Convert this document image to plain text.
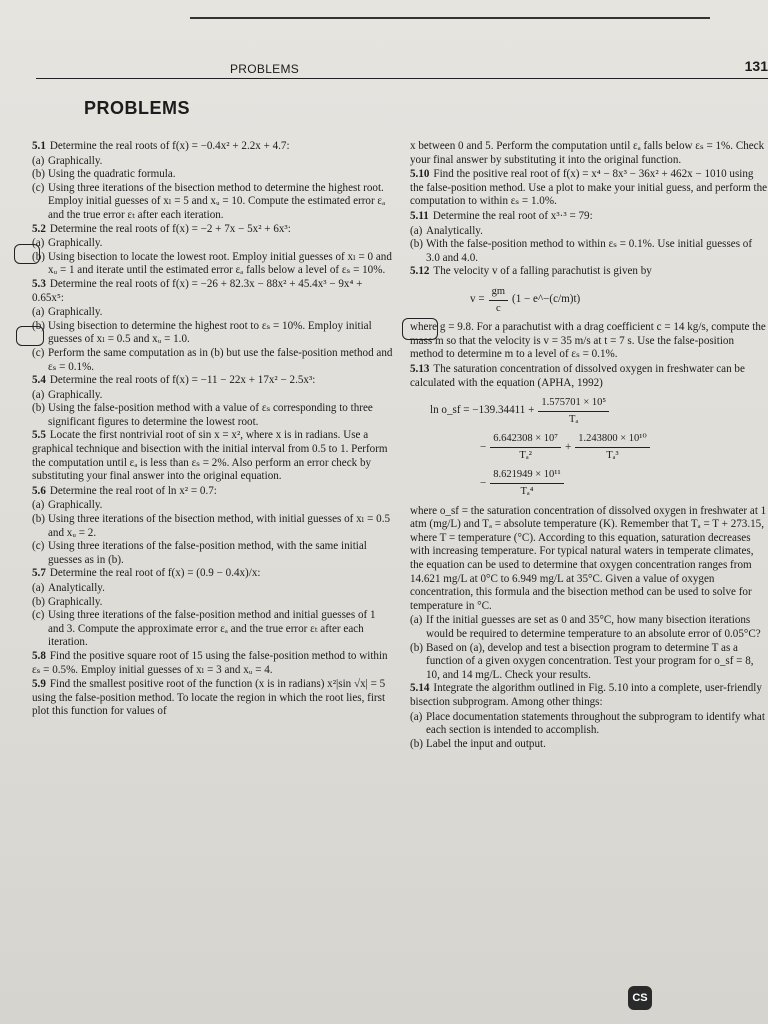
PROBLEMS	131
PROBLEMS

5.1 Determine the real roots of f(x) = −0.4x² + 2.2x + 4.7:

(a) Graphically.

(b) Using the quadratic formula.

(c) Using three iterations of the bisection method to determine the highest root. Employ initial guesses of xₗ = 5 and xᵤ = 10. Compute the estimated error εₐ and the true error εₜ after each iteration.

5.2 Determine the real roots of f(x) = −2 + 7x − 5x² + 6x³:

(a) Graphically.

(b) Using bisection to locate the lowest root. Employ initial guesses of xₗ = 0 and xᵤ = 1 and iterate until the estimated error εₐ falls below a level of εₛ = 10%.

5.3 Determine the real roots of f(x) = −26 + 82.3x − 88x² + 45.4x³ − 9x⁴ + 0.65x⁵:

(a) Graphically.

(b) Using bisection to determine the highest root to εₛ = 10%. Employ initial guesses of xₗ = 0.5 and xᵤ = 1.0.

(c) Perform the same computation as in (b) but use the false-position method and εₛ = 0.1%.

5.4 Determine the real roots of f(x) = −11 − 22x + 17x² − 2.5x³:

(a) Graphically.

(b) Using the false-position method with a value of εₛ corresponding to three significant figures to determine the lowest root.

5.5 Locate the first nontrivial root of sin x = x², where x is in radians. Use a graphical technique and bisection with the initial interval from 0.5 to 1. Perform the computation until εₐ is less than εₛ = 2%. Also perform an error check by substituting your final answer into the original equation.

5.6 Determine the real root of ln x² = 0.7:

(a) Graphically.

(b) Using three iterations of the bisection method, with initial guesses of xₗ = 0.5 and xᵤ = 2.

(c) Using three iterations of the false-position method, with the same initial guesses as in (b).

5.7 Determine the real root of f(x) = (0.9 − 0.4x)/x:

(a) Analytically.

(b) Graphically.

(c) Using three iterations of the false-position method and initial guesses of 1 and 3. Compute the approximate error εₐ and the true error εₜ after each iteration.

5.8 Find the positive square root of 15 using the false-position method to within εₛ = 0.5%. Employ initial guesses of xₗ = 3 and xᵤ = 4.

5.9 Find the smallest positive root of the function (x is in radians) x²|sin √x| = 5 using the false-position method. To locate the region in which the root lies, first plot this function for values of

x between 0 and 5. Perform the computation until εₐ falls below εₛ = 1%. Check your final answer by substituting it into the original function.

5.10 Find the positive real root of f(x) = x⁴ − 8x³ − 36x² + 462x − 1010 using the false-position method. Use a plot to make your initial guess, and perform the computation to within εₛ = 1.0%.

5.11 Determine the real root of x³·³ = 79:

(a) Analytically.

(b) With the false-position method to within εₛ = 0.1%. Use initial guesses of 3.0 and 4.0.

5.12 The velocity v of a falling parachutist is given by

$v = \frac{gm}{c} (1$ − e^−(c/m)t)

where g = 9.8. For a parachutist with a drag coefficient c = 14 kg/s, compute the mass m so that the velocity is v = 35 m/s at t = 7 s. Use the false-position method to determine m to a level of εₛ = 0.1%.

5.13 The saturation concentration of dissolved oxygen in freshwater can be calculated with the equation (APHA, 1992)

ln o_sf = $-139.34411 + \frac{\text{1.575701 × 10⁵}}{\text{Tₐ}}$
− $\frac{\text{6.642308 × 10⁷}}{\text{Tₐ²}} + \frac{\text{1.243800 × 10¹⁰}}{\text{Tₐ³}}$
− $\frac{\text{8.621949 × 10¹¹}}{\text{Tₐ⁴}}$

where o_sf = the saturation concentration of dissolved oxygen in freshwater at 1 atm (mg/L) and Tₐ = absolute temperature (K). Remember that Tₐ = T + 273.15, where T = temperature (°C). According to this equation, saturation decreases with increasing temperature. For typical natural waters in temperate climates, the equation can be used to determine that oxygen concentration ranges from 14.621 mg/L at 0°C to 6.949 mg/L at 35°C. Given a value of oxygen concentration, this formula and the bisection method can be used to solve for temperature in °C.

(a) If the initial guesses are set as 0 and 35°C, how many bisection iterations would be required to determine temperature to an absolute error of 0.05°C?

(b) Based on (a), develop and test a bisection program to determine T as a function of a given oxygen concentration. Test your program for o_sf = 8, 10, and 14 mg/L. Check your results.

5.14 Integrate the algorithm outlined in Fig. 5.10 into a complete, user-friendly bisection subprogram. Among other things:

(a) Place documentation statements throughout the subprogram to identify what each section is intended to accomplish.

(b) Label the input and output.

CS
